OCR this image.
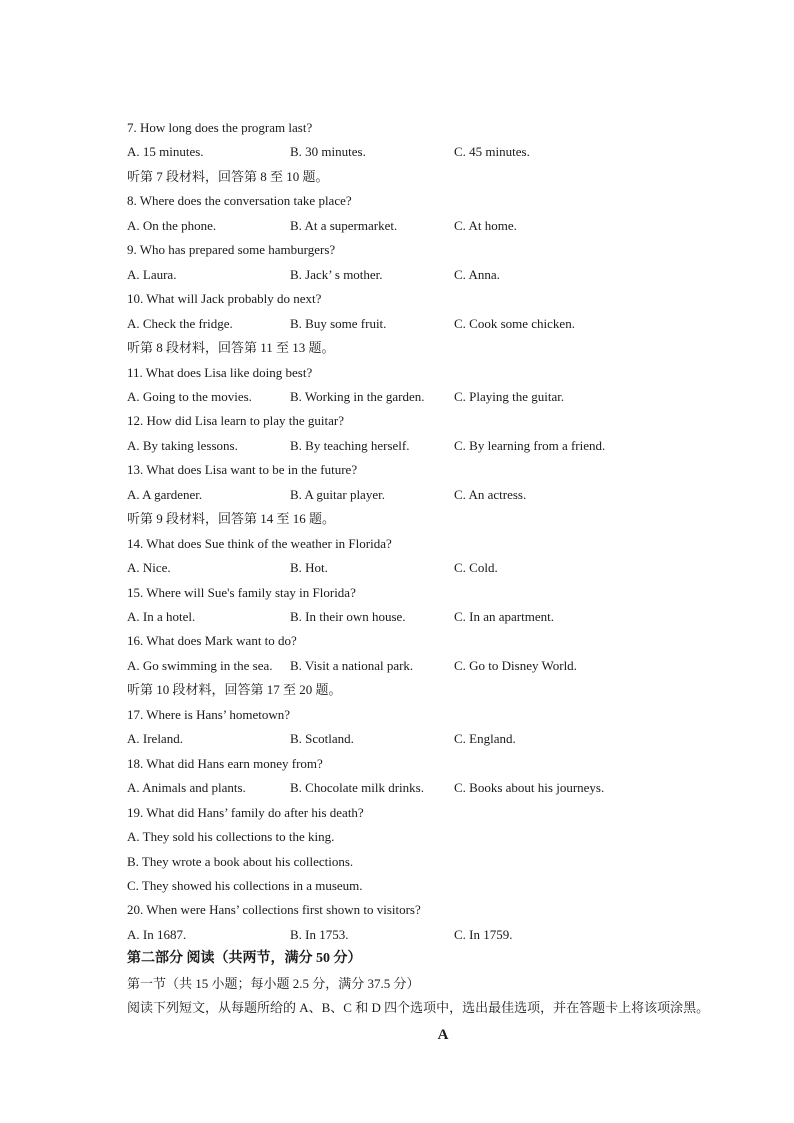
7. How long does the program last?
A. 15 minutes.	B. 30 minutes.	C. 45 minutes.
听第 7 段材料，回答第 8 至 10 题。
8. Where does the conversation take place?
A. On the phone.	B. At a supermarket.	C. At home.
9. Who has prepared some hamburgers?
A. Laura.	B. Jack’ s mother.	C. Anna.
10. What will Jack probably do next?
A. Check the fridge.	B. Buy some fruit.	C. Cook some chicken.
听第 8 段材料，回答第 11 至 13 题。
11. What does Lisa like doing best?
A. Going to the movies.	B. Working in the garden. C. Playing the guitar.
12. How did Lisa learn to play the guitar?
A. By taking lessons.	B. By teaching herself.	C. By learning from a friend.
13. What does Lisa want to be in the future?
A. A gardener.	B. A guitar player.	C. An actress.
听第 9 段材料，回答第 14 至 16 题。
14. What does Sue think of the weather in Florida?
A. Nice.	B. Hot.	C. Cold.
15. Where will Sue's family stay in Florida?
A. In a hotel.	B. In their own house.	C. In an apartment.
16. What does Mark want to do?
A. Go swimming in the sea. B. Visit a national park.	C. Go to Disney World.
听第 10 段材料，回答第 17 至 20 题。
17. Where is Hans’ hometown?
A. Ireland.	B. Scotland.	C. England.
18. What did Hans earn money from?
A. Animals and plants.	B. Chocolate milk drinks. C. Books about his journeys.
19. What did Hans’ family do after his death?
A. They sold his collections to the king.
B. They wrote a book about his collections.
C. They showed his collections in a museum.
20. When were Hans’ collections first shown to visitors?
A. In 1687.	B. In 1753.	C. In 1759.
第二部分 阅读（共两节，满分 50 分）
第一节（共 15 小题；每小题 2.5 分，满分 37.5 分）
阅读下列短文，从每题所给的 A、B、C 和 D 四个选项中，选出最佳选项，并在答题卡上将该项涂黑。
A
